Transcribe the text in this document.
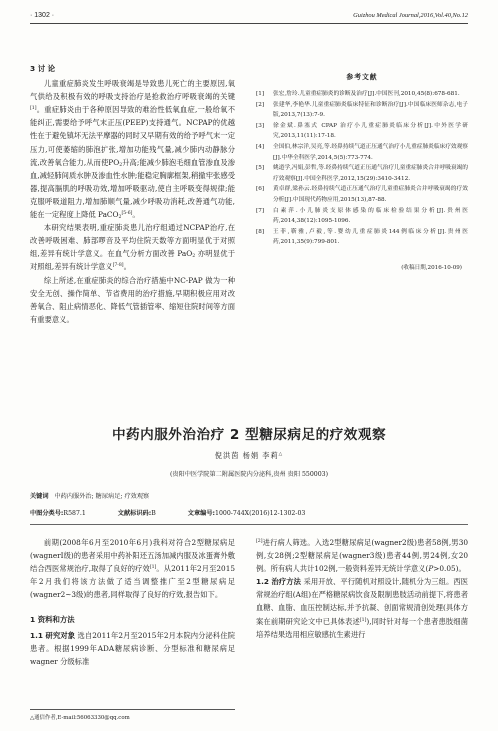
· 1302 ·	Guizhou Medical Journal,2016,Vol.40,No.12
3 讨 论

儿童重症肺炎发生呼吸衰竭是导致患儿死亡的主要原因,氧气供给及积极有效的呼吸支持治疗是抢救治疗呼吸衰竭的关键[1]。重症肺炎由于各种原因导致的难治性低氧血症,一般给氧不能纠正,需要给予呼气末正压(PEEP)支持通气。NCPAP的优越性在于避免镇坏无法平摩器的同时又早期有效的给予呼气末一定压力,可使萎缩的肺泡扩张,增加功能残气量,减少肺内动静脉分流,改善氧合能力,从而使$PO_2$升高;能减少肺泡毛细血管渗血及渗血,减轻肺间质水肿及渗血性水肿;能稳定胸廓框架,稍撤牢张感受器,提高膈肌的呼吸功效,增加呼吸驱动,使自主呼吸变得规律;能克服呼吸道阻力,增加肺顺气量,减少呼吸功消耗,改善通气功能,能在一定程度上降低 PaCO$_2$[5-6]。

本研究结果表明,重症肺炎患儿治疗组通过NCPAP治疗,在改善呼吸困难、肺部啰音及平均住院天数等方面明显优于对照组,差异有统计学意义。在血气分析方面改善 PaO$_2$ 亦明显优于对照组,差异有统计学意义[7-8]。

综上所述,在重症肺炎的综合治疗措施中NC-PAP 做为一种安全无创、操作简单、节省费用的治疗措施,早期积极应用对改善氧合、阻止病情恶化、降低气管插管率、缩短住院时间等方面有重要意义。

参考文献
[1]	张宏,詹玲.儿童重症肺炎的诊断及治疗[J].中国医刊,2010,45(8):678-681.
[2]	张建华,李艳华.儿童重症肺炎临床特征和诊断治疗[J].中国临床医师杂志,电子版,2013,7(13):7-9.
[3]	徐金斌.鼻塞式 CPAP 治疗小儿重症肺炎临床分析[J].中外医学研究,2013,11(11):17-18.
[4]	全国伯,林宗洋,吴亮,等.经鼻持续气道正压通气治疗小儿重症肺炎临床疗效观察[J].中华全科医学,2014,5(5):773-774.
[5]	姚道学,冯娟,彭哲,等.经鼻持续气道正压通气治疗儿童重症肺炎合并呼吸衰竭的疗效观察[J].中国全科医学,2012,15(29):3410-3412.
[6]	黄卓群,梁孙云.经鼻持续气道正压通气治疗儿童重症肺炎合并呼吸衰竭的疗效分析[J].中国现代药物应用,2015(13),87-88.
[7]	白素萍.小儿肺炎支原体感染的临床检验结果分析[J].贵州医药,2014,38(12):1095-1096.
[8]	王菲,靳雅,卢毅,等.婴幼儿重症肺炎144例临床分析[J].贵州医药,2011,35(9):799-801.
(收稿日期,2016-10-09)
中药内服外治治疗 2 型糖尿病足的疗效观察
倪洪茵 杨娟 李莉△
(贵阳中医学院第二附属医院内分泌科,贵州 贵阳 550003)
关键词 中药内服外治; 糖尿病足; 疗效观察
中图分类号:R587.1	文献标识码:B	文章编号:1000-744X(2016)12-1302-03

前期(2008年6月至2010年6月)我科对符合2型糖尿病足(wagnerⅠ级)的患者采用中药补阳还五汤加减内服及冰蛋膏外敷结合西医常规治疗,取得了良好的疗效[1]。从2011年2月至2015年2月我们将该方法做了适当调整推广至2型糖尿病足(wagner2~3级)的患者,同样取得了良好的疗效,报告如下。

1 资料和方法

1.1 研究对象 选自2011年2月至2015年2月本院内分泌科住院患者。根据1999年ADA糖尿病诊断、分型标准和糖尿病足 wagner 分级标准

[2]进行病人筛选。入选2型糖尿病足(wagner2级)患者58例,男30例,女28例;2型糖尿病足(wagner3级)患者44例,男24例,女20例。所有病人共计102例,一般资料差异无统计学意义(P>0.05)。

1.2 治疗方法 采用开放、平行随机对照设计,随机分为三组。西医常规治疗组(A组)在严格糖尿病饮食及限制患肢活动前提下,将患者血糖、血脂、血压控制达标,并予抗凝、创面常规清创处理(具体方案在前期研究论文中已具体表述[1]),同时针对每一个患者患肢细菌培养结果选用相应敏感抗生素进行

△通信作者,E-mail:56063330@qq.com
